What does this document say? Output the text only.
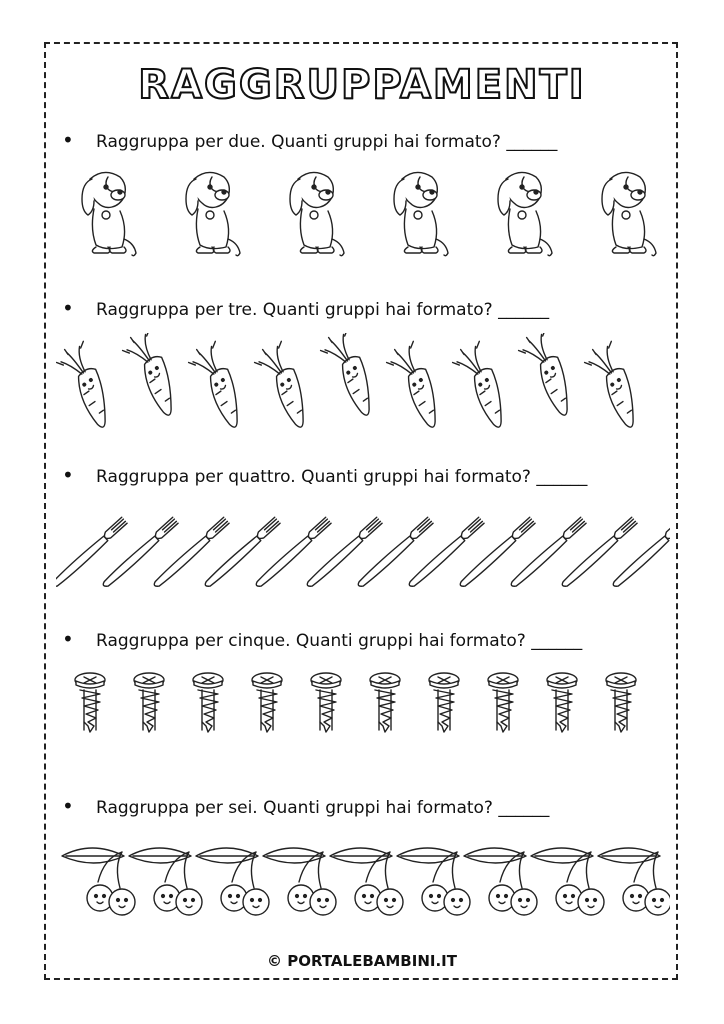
RAGGRUPPAMENTI
• Raggruppa per due. Quanti gruppi hai formato? ______
• Raggruppa per tre. Quanti gruppi hai formato? ______
• Raggruppa per quattro. Quanti gruppi hai formato? ______
• Raggruppa per cinque. Quanti gruppi hai formato? ______
• Raggruppa per sei. Quanti gruppi hai formato? ______
© PORTALEBAMBINI.IT
